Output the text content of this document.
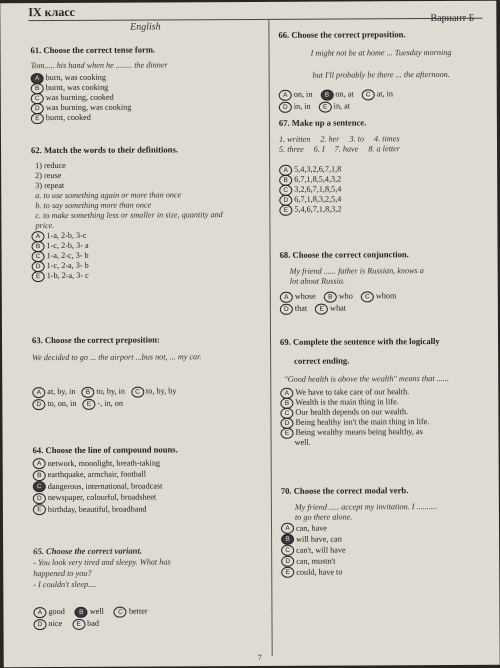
IX класс	Вариант Б
English
61. Choose the correct tense form.
Tom..... his hand when he ........ the dinner
A burn, was cooking
B burnt, was cooking
C was burning, cooked
D was burning, was cooking
E burnt, cooked
62. Match the words to their definitions.
1) reduce
2) reuse
3) repeat
a. to use something again or more than once
b. to say something more than once
c. to make something less or smaller in size, quantity and price.
A 1-a, 2-b, 3-c
B 1-c, 2-b, 3- a
C 1-a, 2-c, 3- b
D 1-c, 2-a, 3- b
E 1-b, 2-a, 3- c
63. Choose the correct preposition:
We decided to go ... the airport ...bus not, ... my car.
A at, by, in	B to, by, in	C to, by, by
D to, on, in	E -, in, on
64. Choose the line of compound nouns.
A network, moonlight, breath-taking
B earthquake, armchair, football
C dangerous, international, broadcast
D newspaper, colourful, broadsheet
E birthday, beautiful, broadband
65. Choose the correct variant.
- You look very tired and sleepy. What has
happened to you?
- I couldn't sleep....
A good	B well	C better
D nice	E bad
66. Choose the correct preposition.
I might not be at home ... Tuesday morning
but I'll probably be there ... the afternoon.
A on, in	B on, at	C at, in
D in, in	E in, at
67. Make up a sentence.
1. written 2. her 3. to 4. times
5. three 6. I 7. have 8. a letter
A 5,4,3,2,6,7,1,8
B 6,7,1,8,5,4,3,2
C 3,2,6,7,1,8,5,4
D 6,7,1,8,3,2,5,4
E 5,4,6,7,1,8,3,2
68. Choose the correct conjunction.
My friend ...... father is Russian, knows a
lot about Russia.
A whose	B who	C whom
D that	E what
69. Complete the sentence with the logically
correct ending.
"Good health is above the wealth" means that ......
A We have to take care of our health.
B Wealth is the main thing in life.
C Our health depends on our wealth.
D Being healthy isn't the main thing in life.
E Being wealthy means being healthy, as
well.
70. Choose the correct modal verb.
My friend ..... accept my invitation. I ..........
to go there alone.
A can, have
B will have, can
C can't, will have
D can, mustn't
E could, have to
7
